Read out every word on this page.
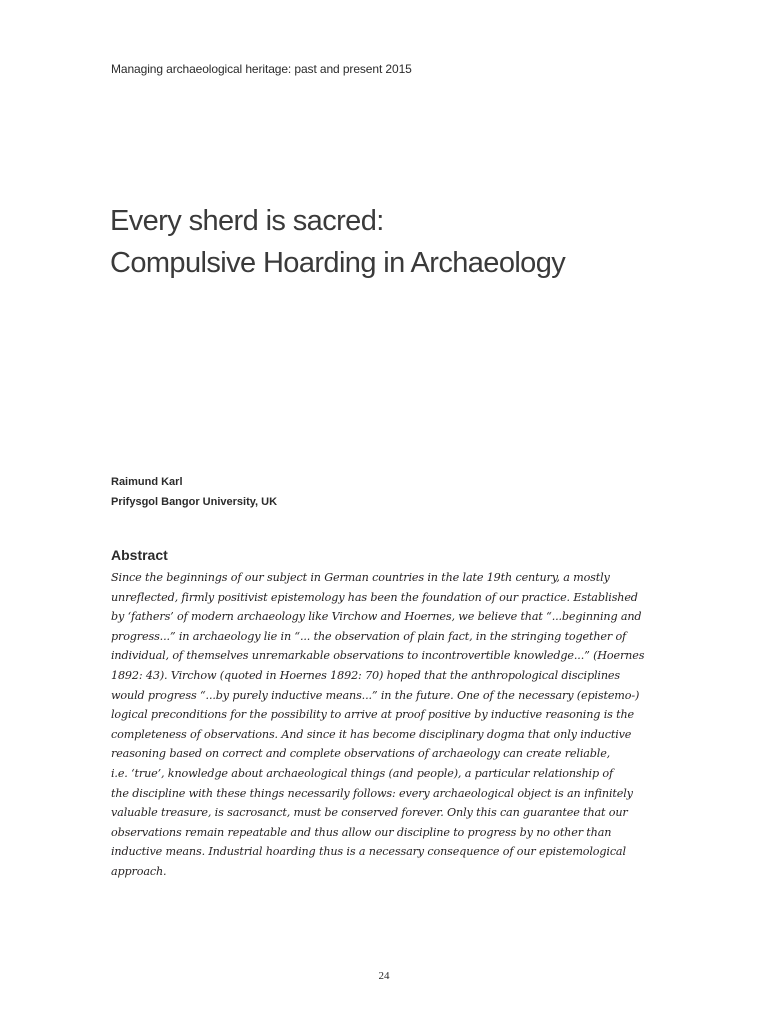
Managing archaeological heritage: past and present 2015
Every sherd is sacred:
Compulsive Hoarding in Archaeology
Raimund Karl
Prifysgol Bangor University, UK
Abstract
Since the beginnings of our subject in German countries in the late 19th century, a mostly
unreflected, firmly positivist epistemology has been the foundation of our practice. Established
by ‘fathers’ of modern archaeology like Virchow and Hoernes, we believe that “...beginning and
progress...” in archaeology lie in “... the observation of plain fact, in the stringing together of
individual, of themselves unremarkable observations to incontrovertible knowledge...” (Hoernes
1892: 43). Virchow (quoted in Hoernes 1892: 70) hoped that the anthropological disciplines
would progress “...by purely inductive means...” in the future. One of the necessary (epistemo-)
logical preconditions for the possibility to arrive at proof positive by inductive reasoning is the
completeness of observations. And since it has become disciplinary dogma that only inductive
reasoning based on correct and complete observations of archaeology can create reliable,
i.e. ‘true’, knowledge about archaeological things (and people), a particular relationship of
the discipline with these things necessarily follows: every archaeological object is an infinitely
valuable treasure, is sacrosanct, must be conserved forever. Only this can guarantee that our
observations remain repeatable and thus allow our discipline to progress by no other than
inductive means. Industrial hoarding thus is a necessary consequence of our epistemological
approach.
24
